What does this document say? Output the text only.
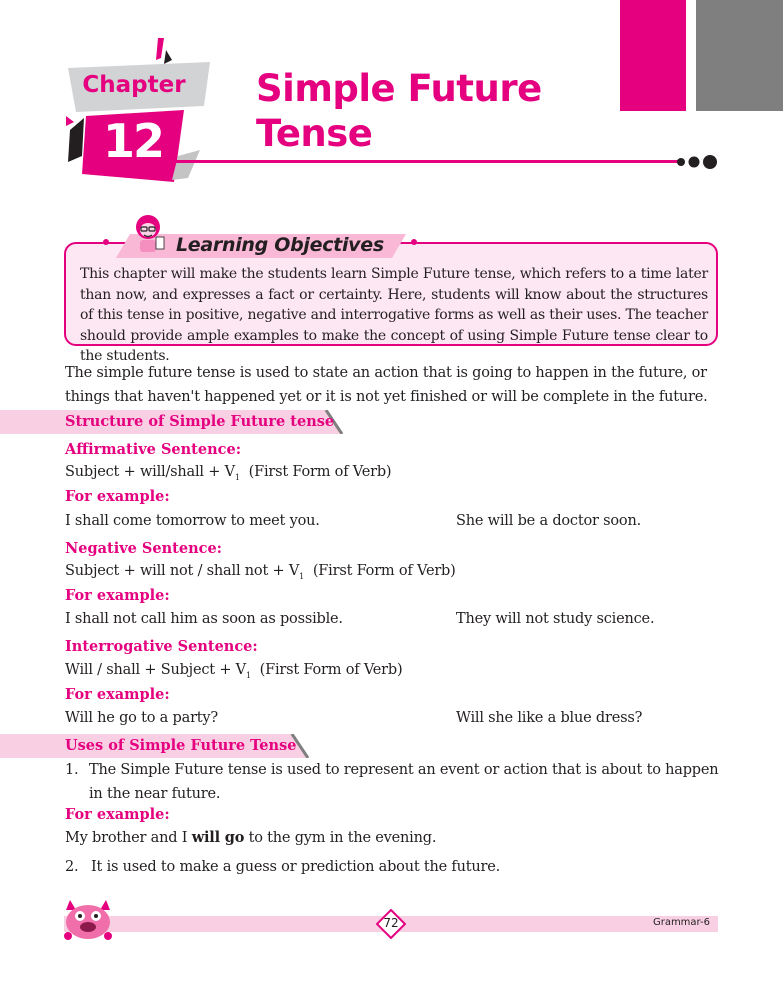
Chapter
12
Simple Future
Tense
Learning Objectives
This chapter will make the students learn Simple Future tense, which refers to a time later than now, and expresses a fact or certainty. Here, students will know about the structures of this tense in positive, negative and interrogative forms as well as their uses. The teacher should provide ample examples to make the concept of using Simple Future tense clear to the students.
The simple future tense is used to state an action that is going to happen in the future, or things that haven't happened yet or it is not yet finished or will be complete in the future.
Structure of Simple Future tense
Affirmative Sentence:
Subject + will/shall + $V_1$ (First Form of Verb)
For example:
I shall come tomorrow to meet you.	She will be a doctor soon.
Negative Sentence:
Subject + will not / shall not + $V_1$ (First Form of Verb)
For example:
I shall not call him as soon as possible.	They will not study science.
Interrogative Sentence:
Will / shall + Subject + $V_1$ (First Form of Verb)
For example:
Will he go to a party?	Will she like a blue dress?
Uses of Simple Future Tense
1. The Simple Future tense is used to represent an event or action that is about to happen in the near future.
For example:
My brother and I will go to the gym in the evening.
2. It is used to make a guess or prediction about the future.
72	Grammar-6
